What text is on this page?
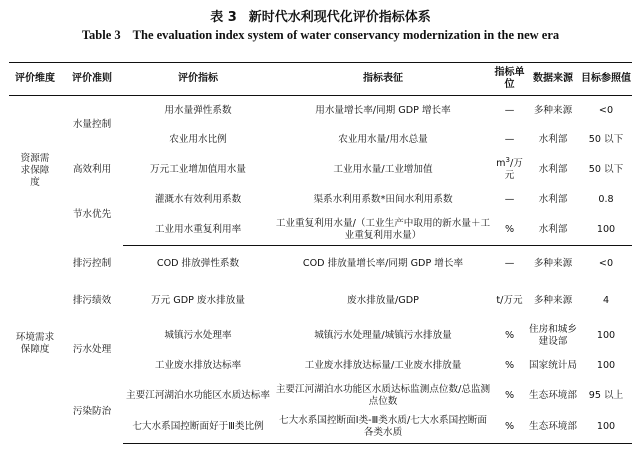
表 3 新时代水利现代化评价指标体系
Table 3 The evaluation index system of water conservancy modernization in the new era
评价维度	评价准则	评价指标	指标表征	指标单位	数据来源	目标参照值
资源需求保障度	水量控制	用水量弹性系数	用水量增长率/同期 GDP 增长率	—	多种来源	<0
		农业用水比例	农业用水量/用水总量	—	水利部	50 以下
	高效利用	万元工业增加值用水量	工业用水量/工业增加值	$m^3/$万元	水利部	50 以下
	节水优先	灌溉水有效利用系数	渠系水利用系数*田间水利用系数	—	水利部	0.8
		工业用水重复利用率	工业重复利用水量/（工业生产中取用的新水量＋工业重复利用水量）	%	水利部	100
环境需求保障度	排污控制	COD 排放弹性系数	COD 排放量增长率/同期 GDP 增长率	—	多种来源	<0
	排污绩效	万元 GDP 废水排放量	废水排放量/GDP	t/万元	多种来源	4
	污水处理	城镇污水处理率	城镇污水处理量/城镇污水排放量	%	住房和城乡建设部	100
		工业废水排放达标率	工业废水排放达标量/工业废水排放量	%	国家统计局	100
	污染防治	主要江河湖泊水功能区水质达标率	主要江河湖泊水功能区水质达标监测点位数/总监测点位数	%	生态环境部	95 以上
		七大水系国控断面好于Ⅲ类比例	七大水系国控断面Ⅰ类-Ⅲ类水质/七大水系国控断面各类水质	%	生态环境部	100
